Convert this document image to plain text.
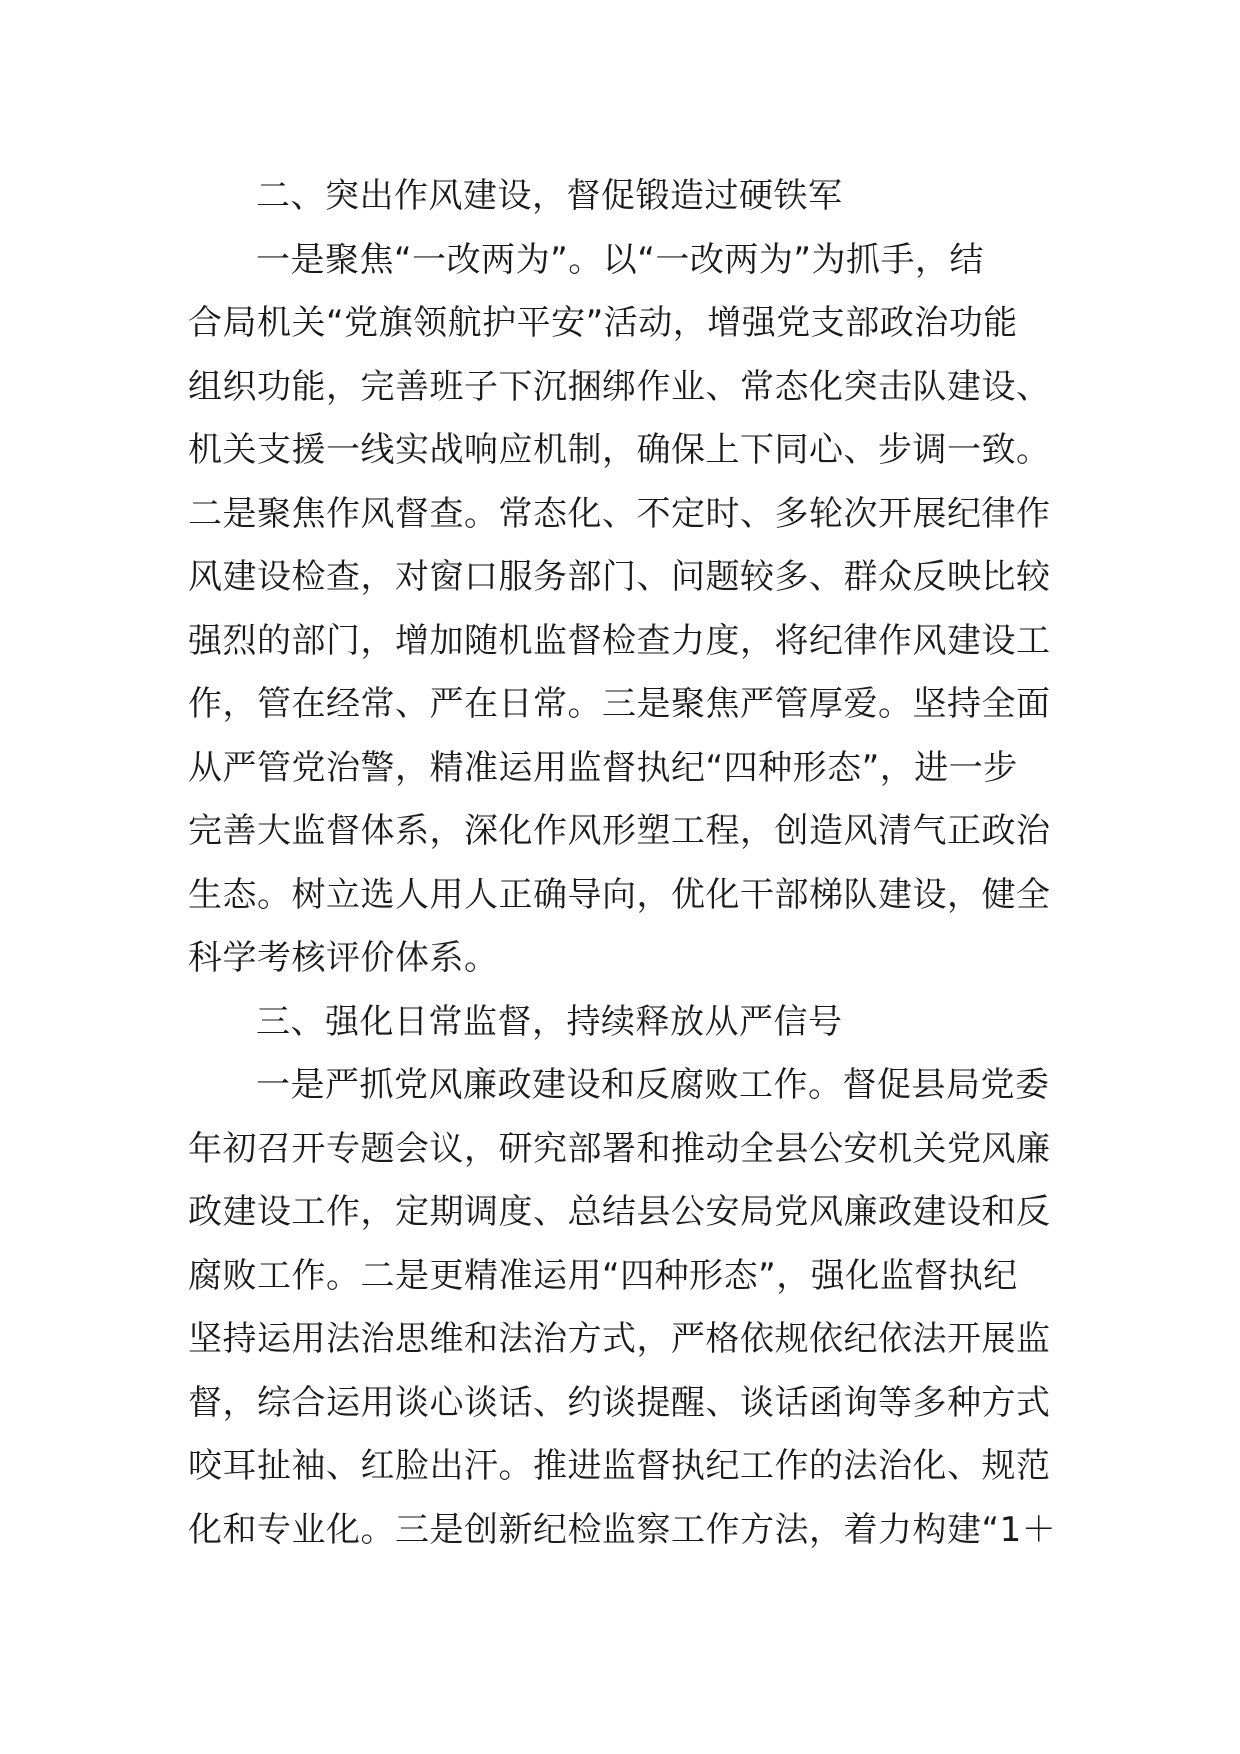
二、突出作风建设，督促锻造过硬铁军
一是聚焦“一改两为”。以“一改两为”为抓手，结
合局机关“党旗领航护平安”活动，增强党支部政治功能
组织功能，完善班子下沉捆绑作业、常态化突击队建设、
机关支援一线实战响应机制，确保上下同心、步调一致。
二是聚焦作风督查。常态化、不定时、多轮次开展纪律作
风建设检查，对窗口服务部门、问题较多、群众反映比较
强烈的部门，增加随机监督检查力度，将纪律作风建设工
作，管在经常、严在日常。三是聚焦严管厚爱。坚持全面
从严管党治警，精准运用监督执纪“四种形态”，进一步
完善大监督体系，深化作风形塑工程，创造风清气正政治
生态。树立选人用人正确导向，优化干部梯队建设，健全
科学考核评价体系。
三、强化日常监督，持续释放从严信号
一是严抓党风廉政建设和反腐败工作。督促县局党委
年初召开专题会议，研究部署和推动全县公安机关党风廉
政建设工作，定期调度、总结县公安局党风廉政建设和反
腐败工作。二是更精准运用“四种形态”，强化监督执纪
坚持运用法治思维和法治方式，严格依规依纪依法开展监
督，综合运用谈心谈话、约谈提醒、谈话函询等多种方式
咬耳扯袖、红脸出汗。推进监督执纪工作的法治化、规范
化和专业化。三是创新纪检监察工作方法，着力构建“1＋
